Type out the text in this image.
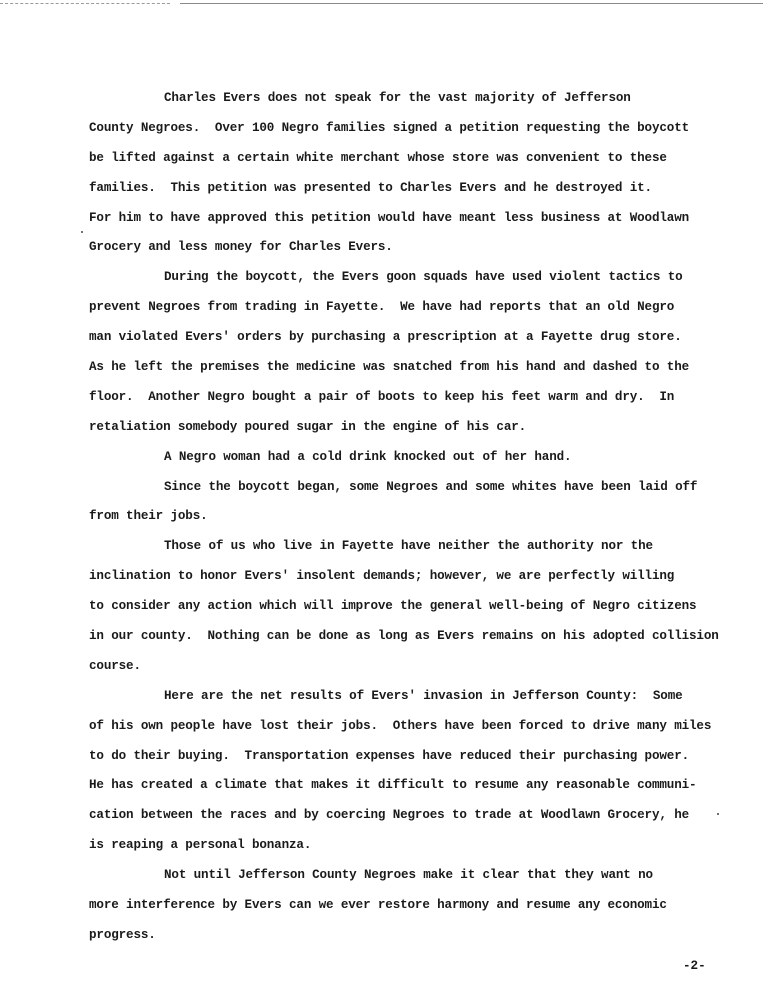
Charles Evers does not speak for the vast majority of Jefferson
County Negroes.  Over 100 Negro families signed a petition requesting the boycott
be lifted against a certain white merchant whose store was convenient to these
families.  This petition was presented to Charles Evers and he destroyed it.
For him to have approved this petition would have meant less business at Woodlawn
Grocery and less money for Charles Evers.
During the boycott, the Evers goon squads have used violent tactics to
prevent Negroes from trading in Fayette.  We have had reports that an old Negro
man violated Evers' orders by purchasing a prescription at a Fayette drug store.
As he left the premises the medicine was snatched from his hand and dashed to the
floor.  Another Negro bought a pair of boots to keep his feet warm and dry.  In
retaliation somebody poured sugar in the engine of his car.
A Negro woman had a cold drink knocked out of her hand.
Since the boycott began, some Negroes and some whites have been laid off
from their jobs.
Those of us who live in Fayette have neither the authority nor the
inclination to honor Evers' insolent demands; however, we are perfectly willing
to consider any action which will improve the general well-being of Negro citizens
in our county.  Nothing can be done as long as Evers remains on his adopted collision
course.
Here are the net results of Evers' invasion in Jefferson County:  Some
of his own people have lost their jobs.  Others have been forced to drive many miles
to do their buying.  Transportation expenses have reduced their purchasing power.
He has created a climate that makes it difficult to resume any reasonable communi-
cation between the races and by coercing Negroes to trade at Woodlawn Grocery, he
is reaping a personal bonanza.
Not until Jefferson County Negroes make it clear that they want no
more interference by Evers can we ever restore harmony and resume any economic
progress.
-2-
